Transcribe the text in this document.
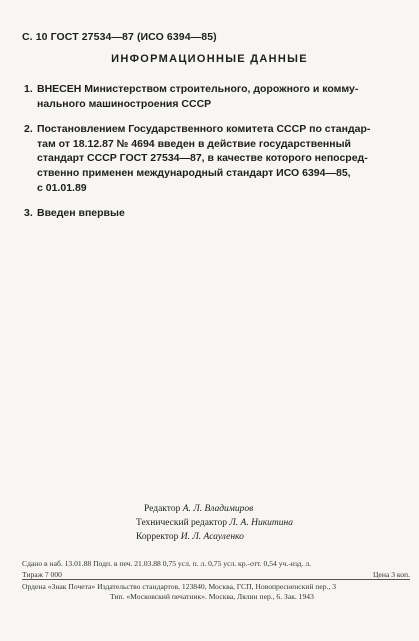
С. 10 ГОСТ 27534—87 (ИСО 6394—85)
ИНФОРМАЦИОННЫЕ ДАННЫЕ
1. ВНЕСЕН Министерством строительного, дорожного и комму-
нального машиностроения СССР
2. Постановлением Государственного комитета СССР по стандар-
там от 18.12.87 № 4694 введен в действие государственный
стандарт СССР ГОСТ 27534—87, в качестве которого непосред-
ственно применен международный стандарт ИСО 6394—85,
с 01.01.89
3. Введен впервые
Редактор А. Л. Владимиров
Технический редактор Л. А. Никитина
Корректор И. Л. Асауленко
Сдано в наб. 13.01.88 Подп. в печ. 21.03.88 0,75 усл. п. л. 0,75 усл. кр.-отт. 0,54 уч.-изд. л.
Тираж 7 000	Цена 3 коп.
Ордена «Знак Почета» Издательство стандартов, 123840, Москва, ГСП, Новопресненский пер., 3
Тип. «Московский печатник». Москва, Лялин пер., 6. Зак. 1943
